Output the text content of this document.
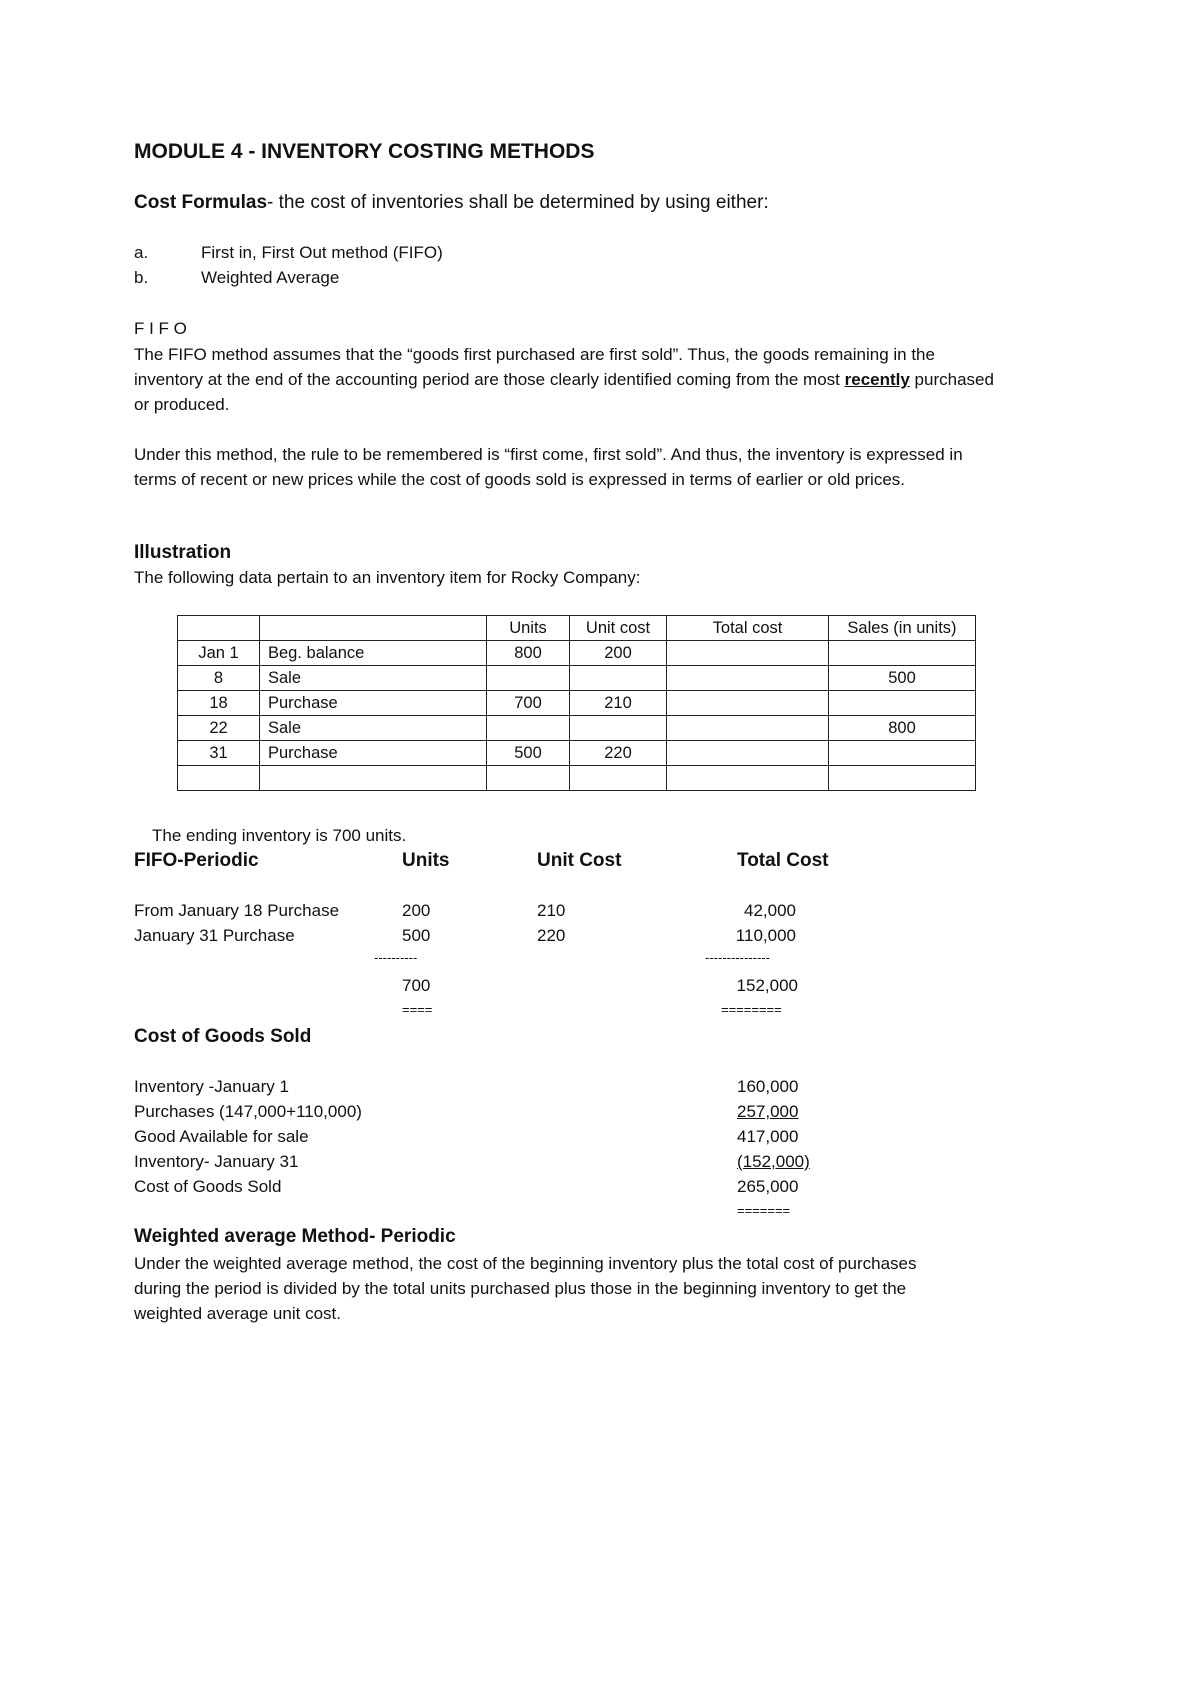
MODULE 4 - INVENTORY COSTING METHODS
Cost Formulas- the cost of inventories shall be determined by using either:
a.	First in, First Out method (FIFO)
b.	Weighted Average
F I F O
The FIFO method assumes that the “goods first purchased are first sold”. Thus, the goods remaining in the inventory at the end of the accounting period are those clearly identified coming from the most recently purchased or produced.
Under this method, the rule to be remembered is “first come, first sold”. And thus, the inventory is expressed in terms of recent or new prices while the cost of goods sold is expressed in terms of earlier or old prices.
Illustration
The following data pertain to an inventory item for Rocky Company:
		Units	Unit cost	Total cost	Sales (in units)
Jan 1	Beg. balance	800	200		
8	Sale				500
18	Purchase	700	210		
22	Sale				800
31	Purchase	500	220		

The ending inventory is 700 units.
FIFO-Periodic	Units	Unit Cost	Total Cost
From January 18 Purchase	200	210	42,000
January 31 Purchase	500	220	110,000
----------	---------------
700	152,000
====	========
Cost of Goods Sold
Inventory -January 1	160,000
Purchases (147,000+110,000)	257,000
Good Available for sale	417,000
Inventory- January 31	(152,000)
Cost of Goods Sold	265,000
=======
Weighted average Method- Periodic
Under the weighted average method, the cost of the beginning inventory plus the total cost of purchases during the period is divided by the total units purchased plus those in the beginning inventory to get the weighted average unit cost.
